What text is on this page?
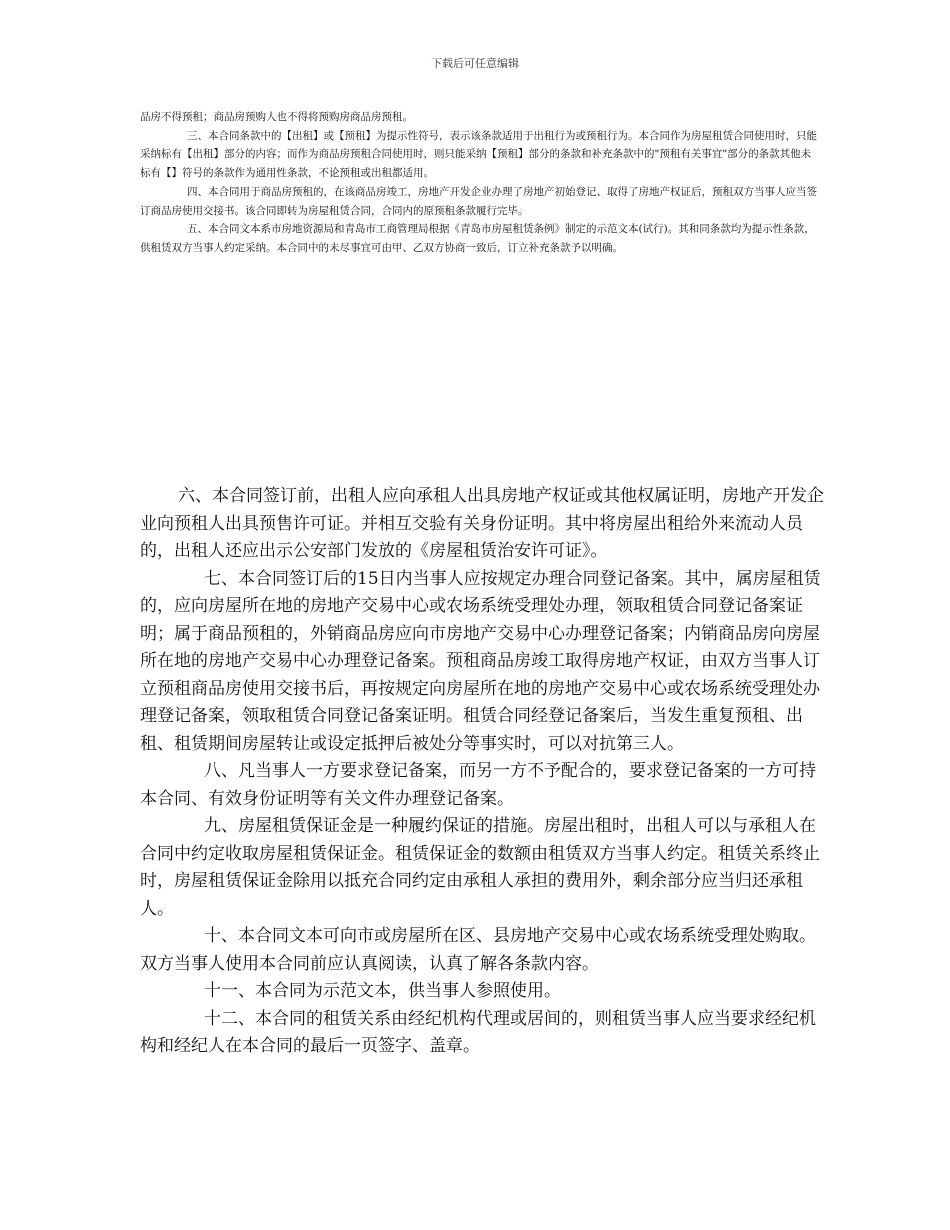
下载后可任意编辑

品房不得预租；商品房预购人也不得将预购房商品房预租。

三、本合同条款中的【出租】或【预租】为提示性符号，表示该条款适用于出租行为或预租行为。本合同作为房屋租赁合同使用时，只能采纳标有【出租】部分的内容；而作为商品房预租合同使用时，则只能采纳【预租】部分的条款和补充条款中的"预租有关事宜"部分的条款其他未标有【】符号的条款作为通用性条款，不论预租或出租都适用。

四、本合同用于商品房预租的，在该商品房竣工，房地产开发企业办理了房地产初始登记、取得了房地产权证后，预租双方当事人应当签订商品房使用交接书。该合同即转为房屋租赁合同，合同内的原预租条款履行完毕。

五、本合同文本系市房地资源局和青岛市工商管理局根据《青岛市房屋租赁条例》制定的示范文本(试行)。其和同条款均为提示性条款，供租赁双方当事人约定采纳。本合同中的未尽事宜可由甲、乙双方协商一致后，订立补充条款予以明确。

六、本合同签订前，出租人应向承租人出具房地产权证或其他权属证明，房地产开发企业向预租人出具预售许可证。并相互交验有关身份证明。其中将房屋出租给外来流动人员的，出租人还应出示公安部门发放的《房屋租赁治安许可证》。

七、本合同签订后的15日内当事人应按规定办理合同登记备案。其中，属房屋租赁的，应向房屋所在地的房地产交易中心或农场系统受理处办理，领取租赁合同登记备案证明；属于商品预租的，外销商品房应向市房地产交易中心办理登记备案；内销商品房向房屋所在地的房地产交易中心办理登记备案。预租商品房竣工取得房地产权证，由双方当事人订立预租商品房使用交接书后，再按规定向房屋所在地的房地产交易中心或农场系统受理处办理登记备案，领取租赁合同登记备案证明。租赁合同经登记备案后，当发生重复预租、出租、租赁期间房屋转让或设定抵押后被处分等事实时，可以对抗第三人。

八、凡当事人一方要求登记备案，而另一方不予配合的，要求登记备案的一方可持本合同、有效身份证明等有关文件办理登记备案。

九、房屋租赁保证金是一种履约保证的措施。房屋出租时，出租人可以与承租人在合同中约定收取房屋租赁保证金。租赁保证金的数额由租赁双方当事人约定。租赁关系终止时，房屋租赁保证金除用以抵充合同约定由承租人承担的费用外，剩余部分应当归还承租人。

十、本合同文本可向市或房屋所在区、县房地产交易中心或农场系统受理处购取。双方当事人使用本合同前应认真阅读，认真了解各条款内容。

十一、本合同为示范文本，供当事人参照使用。

十二、本合同的租赁关系由经纪机构代理或居间的，则租赁当事人应当要求经纪机构和经纪人在本合同的最后一页签字、盖章。
